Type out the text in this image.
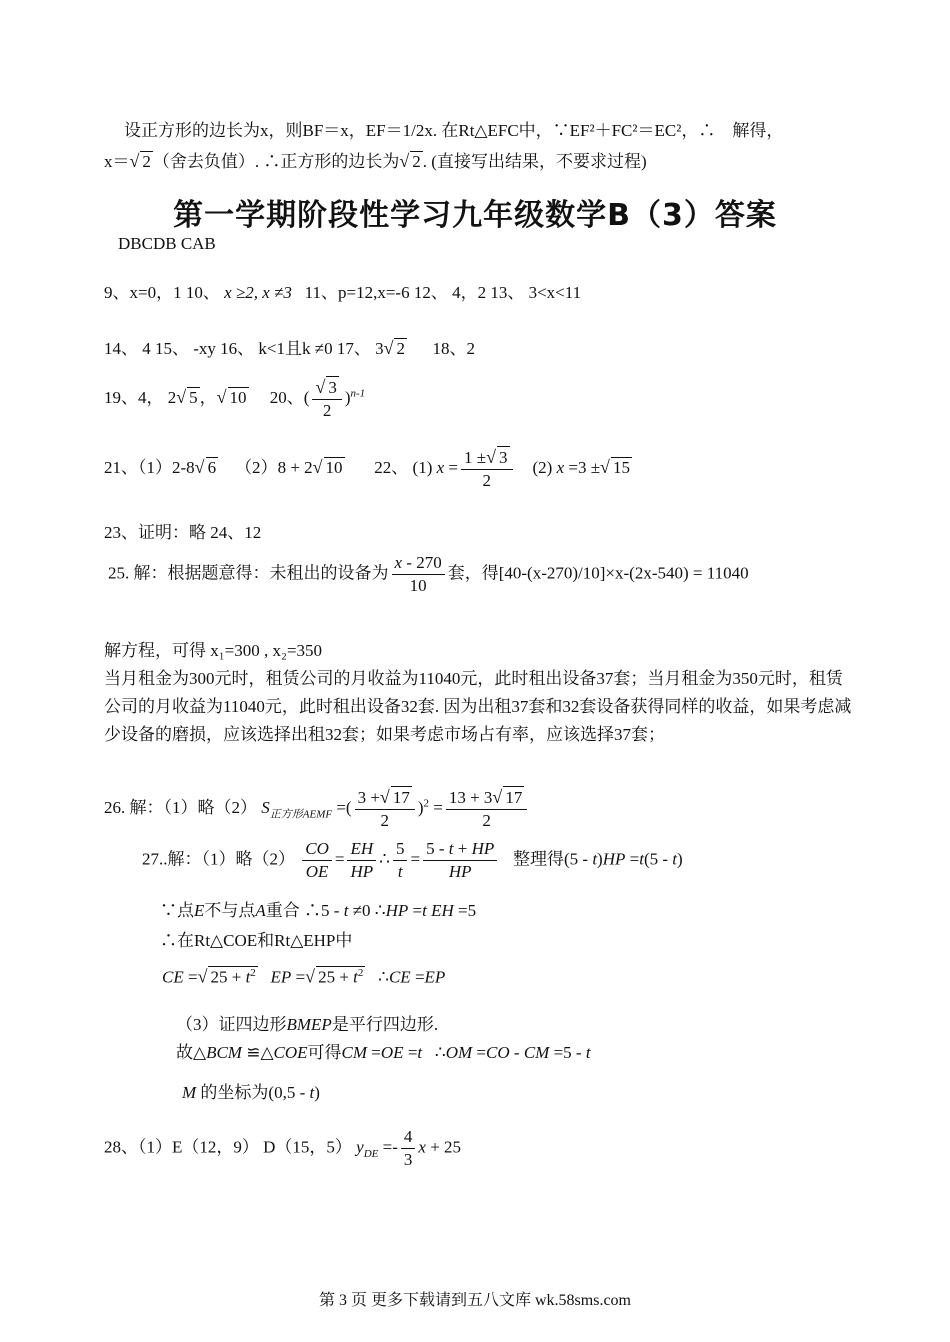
设正方形的边长为x，则BF＝x，EF＝1/2x. 在Rt△EFC中，∵EF²＋FC²＝EC²，∴　解得，
x＝√ 2 （舍去负值）. ∴正方形的边长为√ 2 . (直接写出结果，不要求过程)
第一学期阶段性学习九年级数学B（3）答案
DBCDB CAB
9、x=0，1 10、 x ≥2, x ≠3 11、p=12,x=-6 12、 4，2 13、 3<x<11
14、 4 15、 -xy 16、 k<1且k ≠0 17、 3√ 2 18、2
19、4， 2√ 5 ，√ 10 20、( $\frac{√ 3}{2} )^{n-1}$
21、（1）2-8√ 6 （2）8 + 2√ 10 22、 (1) $x = \frac{1 \pm√ 3}{2} (2)$ x =3 ±√ 15
23、证明：略 24、12
25. 解：根据题意得：未租出的设备为 $\frac{x - 270}{10}$ 套，得[40-(x-270)/10]×x-(2x-540) = 11040
解方程，可得 x₁=300 , x₂=350
当月租金为300元时，租赁公司的月收益为11040元，此时租出设备37套；当月租金为350元时，租赁公司的月收益为11040元，此时租出设备32套. 因为出租37套和32套设备获得同样的收益，如果考虑减少设备的磨损，应该选择出租32套；如果考虑市场占有率，应该选择37套；
26. 解：（1）略（2） $S_{正方形AEMF}$ =( $\frac{3 +√ 17}{2} )^2 = \frac{13 + 3√ 17}{2}$
27..解：（1）略$(2) \frac{CO}{OE} = \frac{EH}{HP}$ ∴ $\frac{5}{t} = \frac{5 - t + HP}{HP}$ 整理得(5 - t)HP =t(5 - t)
∵点E不与点A重合 ∴5 - t ≠0 ∴HP =t EH =5
∴在Rt△COE和Rt△EHP中
CE =√ $25 + t^2$ EP =√ $25 + t^2$   ∴CE =EP
（3）证四边形BMEP是平行四边形.
故△BCM ≌△COE可得CM =OE =t   ∴OM =CO - CM =5 - t
M 的坐标为(0,5 - t)
28、（1）E（12，9） D（15，5） $y_{DE} =- \frac{4}{3}$ x + 25
第 3 页 更多下载请到五八文库 wk.58sms.com
